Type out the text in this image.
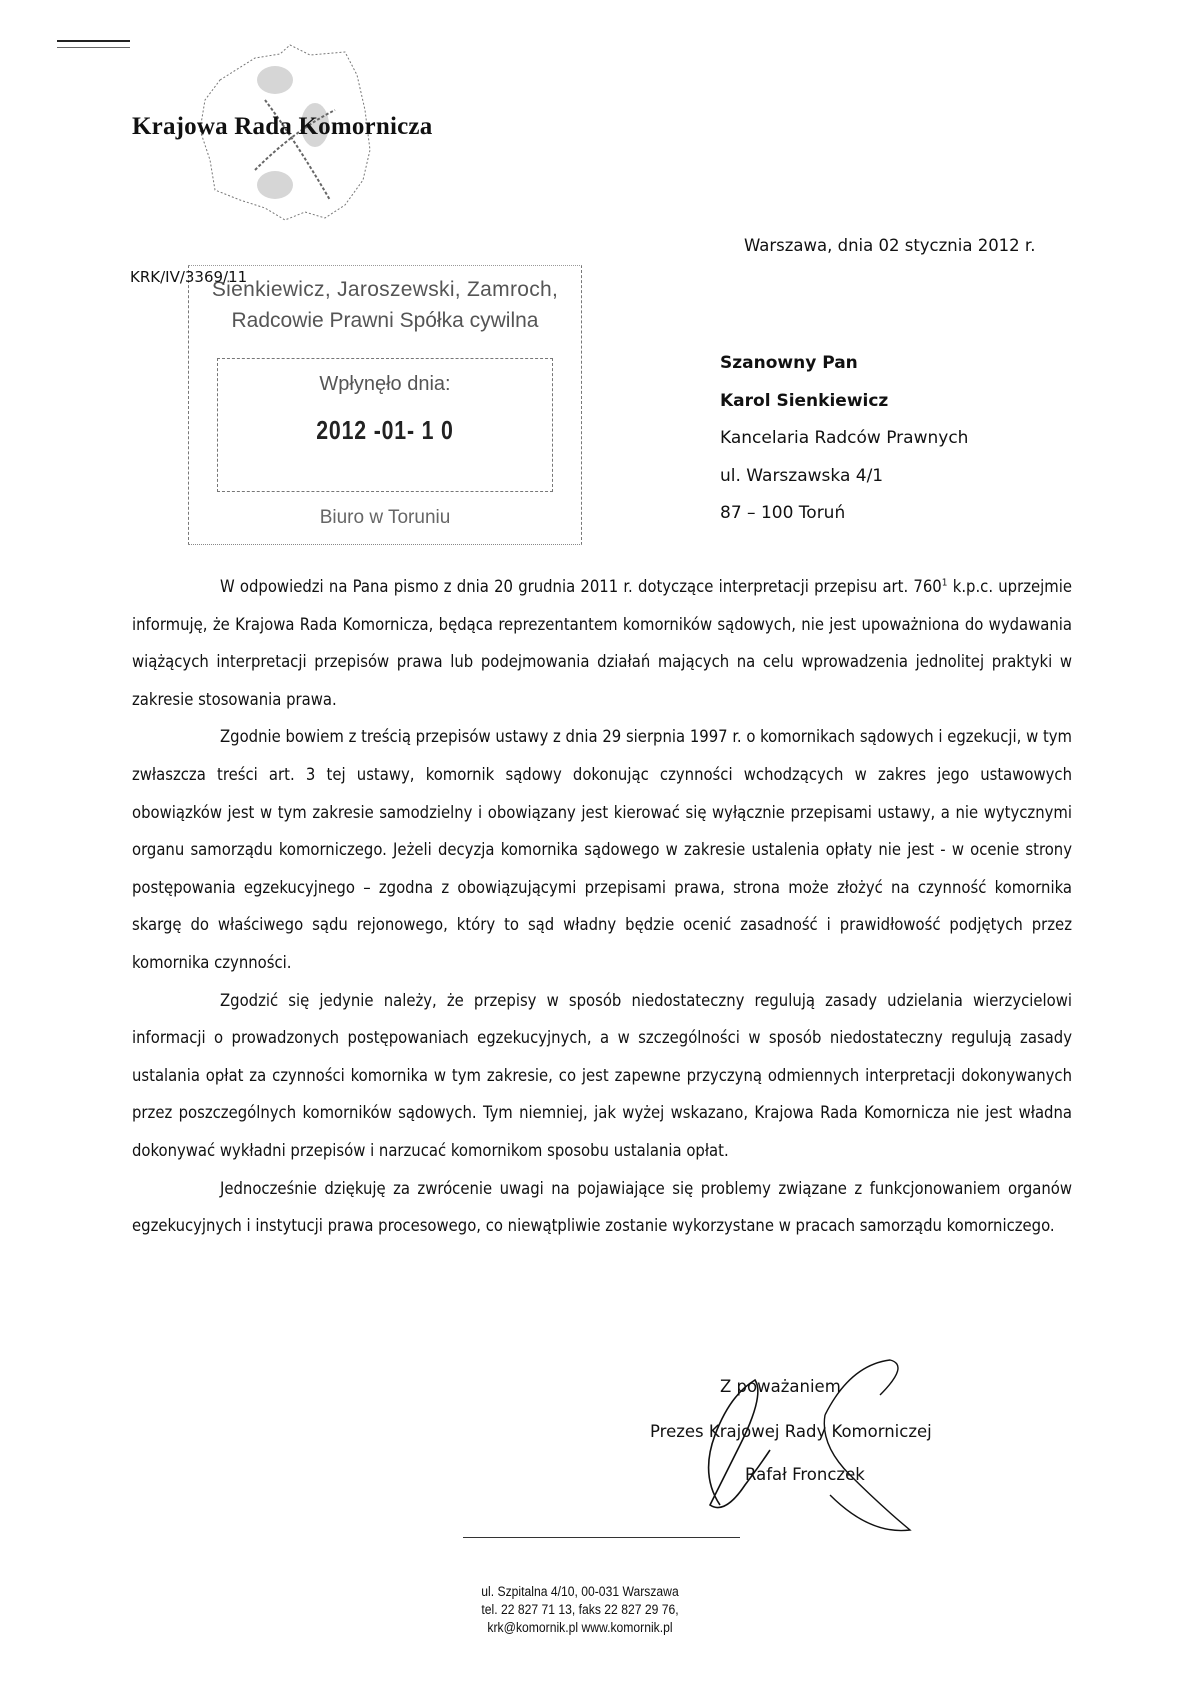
Krajowa Rada Komornicza
Warszawa, dnia 02 stycznia 2012 r.
Sienkiewicz, Jaroszewski, Zamroch,
Radcowie Prawni Spółka cywilna
Wpłynęło dnia:
2012 -01- 1 0
Biuro w Toruniu
KRK/IV/3369/11
Szanowny Pan
Karol Sienkiewicz
Kancelaria Radców Prawnych
ul. Warszawska 4/1
87 – 100 Toruń

W odpowiedzi na Pana pismo z dnia 20 grudnia 2011 r. dotyczące interpretacji przepisu art. $760^1$ k.p.c. uprzejmie informuję, że Krajowa Rada Komornicza, będąca reprezentantem komorników sądowych, nie jest upoważniona do wydawania wiążących interpretacji przepisów prawa lub podejmowania działań mających na celu wprowadzenia jednolitej praktyki w zakresie stosowania prawa.

Zgodnie bowiem z treścią przepisów ustawy z dnia 29 sierpnia 1997 r. o komornikach sądowych i egzekucji, w tym zwłaszcza treści art. 3 tej ustawy, komornik sądowy dokonując czynności wchodzących w zakres jego ustawowych obowiązków jest w tym zakresie samodzielny i obowiązany jest kierować się wyłącznie przepisami ustawy, a nie wytycznymi organu samorządu komorniczego. Jeżeli decyzja komornika sądowego w zakresie ustalenia opłaty nie jest - w ocenie strony postępowania egzekucyjnego – zgodna z obowiązującymi przepisami prawa, strona może złożyć na czynność komornika skargę do właściwego sądu rejonowego, który to sąd władny będzie ocenić zasadność i prawidłowość podjętych przez komornika czynności.

Zgodzić się jedynie należy, że przepisy w sposób niedostateczny regulują zasady udzielania wierzycielowi informacji o prowadzonych postępowaniach egzekucyjnych, a w szczególności w sposób niedostateczny regulują zasady ustalania opłat za czynności komornika w tym zakresie, co jest zapewne przyczyną odmiennych interpretacji dokonywanych przez poszczególnych komorników sądowych. Tym niemniej, jak wyżej wskazano, Krajowa Rada Komornicza nie jest władna dokonywać wykładni przepisów i narzucać komornikom sposobu ustalania opłat.

Jednocześnie dziękuję za zwrócenie uwagi na pojawiające się problemy związane z funkcjonowaniem organów egzekucyjnych i instytucji prawa procesowego, co niewątpliwie zostanie wykorzystane w pracach samorządu komorniczego.

Z poważaniem
Prezes Krajowej Rady Komorniczej
Rafał Fronczek
ul. Szpitalna 4/10, 00-031 Warszawa
tel. 22 827 71 13, faks 22 827 29 76,
krk@komornik.pl www.komornik.pl
